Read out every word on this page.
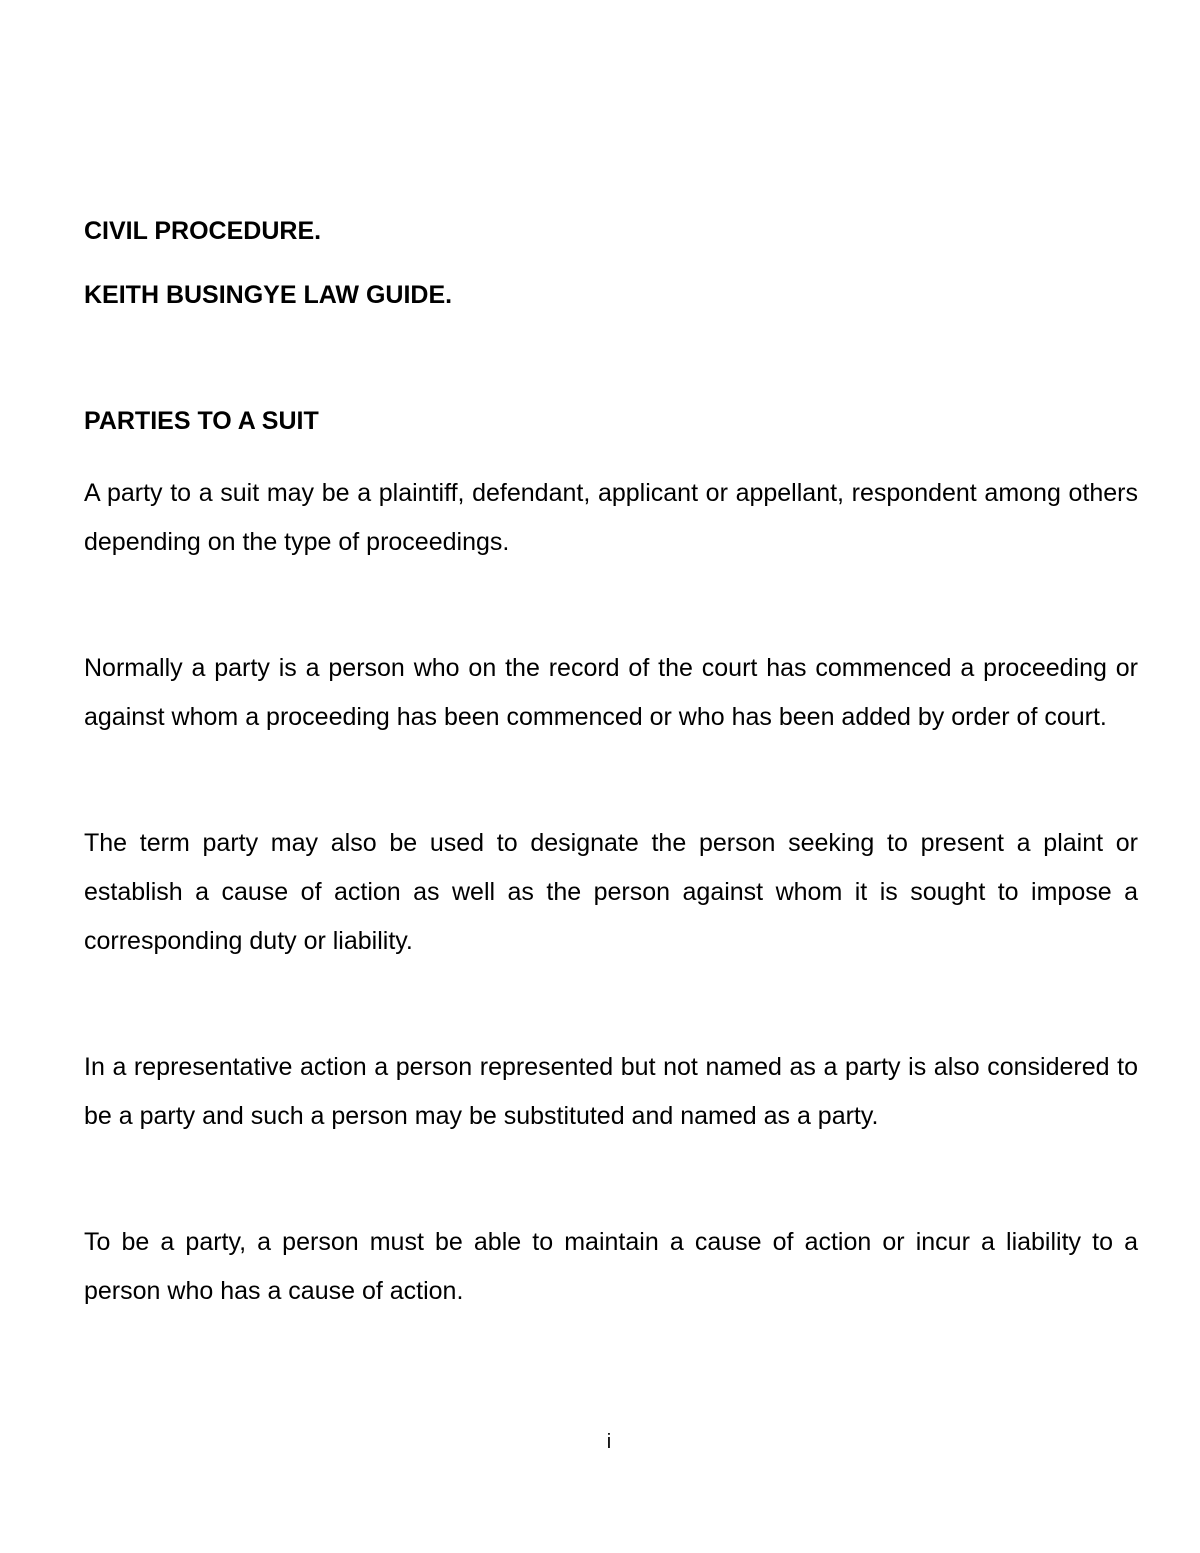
CIVIL PROCEDURE.
KEITH BUSINGYE LAW GUIDE.
PARTIES TO A SUIT

A party to a suit may be a plaintiff, defendant, applicant or appellant, respondent among others depending on the type of proceedings.

Normally a party is a person who on the record of the court has commenced a proceeding or against whom a proceeding has been commenced or who has been added by order of court.

The term party may also be used to designate the person seeking to present a plaint or establish a cause of action as well as the person against whom it is sought to impose a corresponding duty or liability.

In a representative action a person represented but not named as a party is also considered to be a party and such a person may be substituted and named as a party.

To be a party, a person must be able to maintain a cause of action or incur a liability to a person who has a cause of action.

i
